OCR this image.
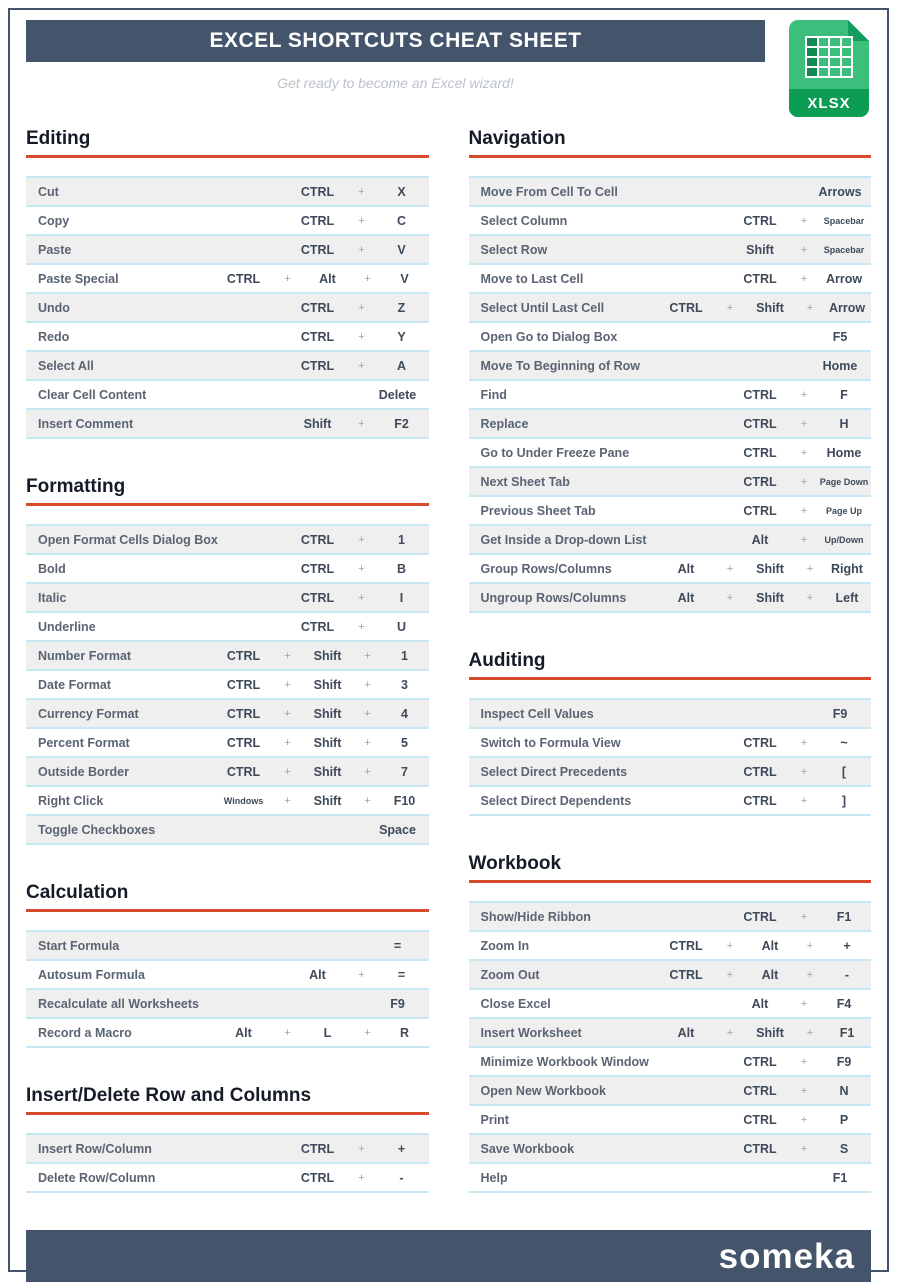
EXCEL SHORTCUTS CHEAT SHEET
Get ready to become an Excel wizard!
XLSX
Editing
Cut	CTRL	+	X
Copy	CTRL	+	C
Paste	CTRL	+	V
Paste Special	CTRL	+	Alt	+	V
Undo	CTRL	+	Z
Redo	CTRL	+	Y
Select All	CTRL	+	A
Clear Cell Content	Delete
Insert Comment	Shift	+	F2
Formatting
Open Format Cells Dialog Box	CTRL	+	1
Bold	CTRL	+	B
Italic	CTRL	+	I
Underline	CTRL	+	U
Number Format	CTRL	+	Shift	+	1
Date Format	CTRL	+	Shift	+	3
Currency Format	CTRL	+	Shift	+	4
Percent Format	CTRL	+	Shift	+	5
Outside Border	CTRL	+	Shift	+	7
Right Click	Windows	+	Shift	+	F10
Toggle Checkboxes	Space
Calculation
Start Formula	=
Autosum Formula	Alt	+	=
Recalculate all Worksheets	F9
Record a Macro	Alt	+	L	+	R
Insert/Delete Row and Columns
Insert Row/Column	CTRL	+	+
Delete Row/Column	CTRL	+	-
Navigation
Move From Cell To Cell	Arrows
Select Column	CTRL	+	Spacebar
Select Row	Shift	+	Spacebar
Move to Last Cell	CTRL	+	Arrow
Select Until Last Cell	CTRL	+	Shift	+	Arrow
Open Go to Dialog Box	F5
Move To Beginning of Row	Home
Find	CTRL	+	F
Replace	CTRL	+	H
Go to Under Freeze Pane	CTRL	+	Home
Next Sheet Tab	CTRL	+	Page Down
Previous Sheet Tab	CTRL	+	Page Up
Get Inside a Drop-down List	Alt	+	Up/Down
Group Rows/Columns	Alt	+	Shift	+	Right
Ungroup Rows/Columns	Alt	+	Shift	+	Left
Auditing
Inspect Cell Values	F9
Switch to Formula View	CTRL	+	~
Select Direct Precedents	CTRL	+	[
Select Direct Dependents	CTRL	+	]
Workbook
Show/Hide Ribbon	CTRL	+	F1
Zoom In	CTRL	+	Alt	+	+
Zoom Out	CTRL	+	Alt	+	-
Close Excel	Alt	+	F4
Insert Worksheet	Alt	+	Shift	+	F1
Minimize Workbook Window	CTRL	+	F9
Open New Workbook	CTRL	+	N
Print	CTRL	+	P
Save Workbook	CTRL	+	S
Help	F1
someka
